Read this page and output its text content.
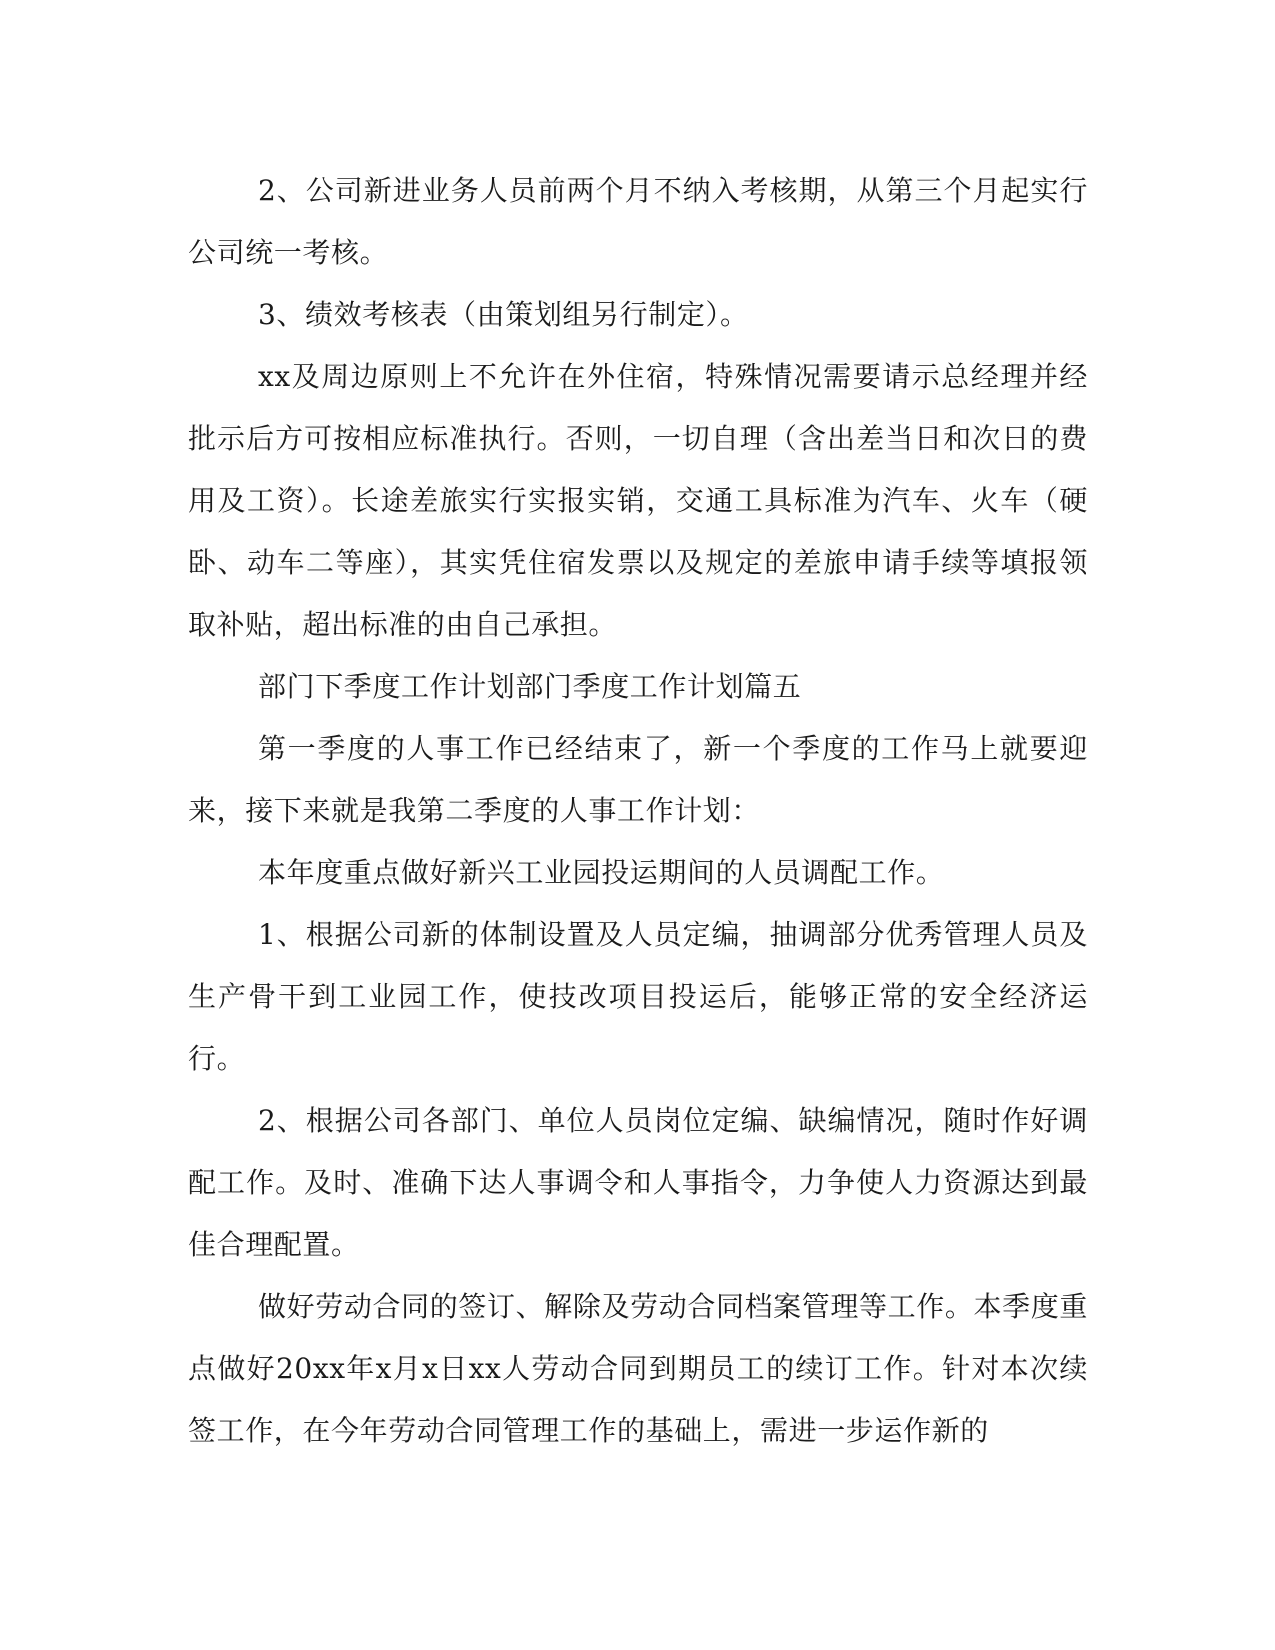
2、公司新进业务人员前两个月不纳入考核期，从第三个月起实行公司统一考核。

3、绩效考核表（由策划组另行制定）。

xx及周边原则上不允许在外住宿，特殊情况需要请示总经理并经批示后方可按相应标准执行。否则，一切自理（含出差当日和次日的费用及工资）。长途差旅实行实报实销，交通工具标准为汽车、火车（硬卧、动车二等座），其实凭住宿发票以及规定的差旅申请手续等填报领取补贴，超出标准的由自己承担。

部门下季度工作计划部门季度工作计划篇五

第一季度的人事工作已经结束了，新一个季度的工作马上就要迎来，接下来就是我第二季度的人事工作计划：

本年度重点做好新兴工业园投运期间的人员调配工作。

1、根据公司新的体制设置及人员定编，抽调部分优秀管理人员及生产骨干到工业园工作，使技改项目投运后，能够正常的安全经济运行。

2、根据公司各部门、单位人员岗位定编、缺编情况，随时作好调配工作。及时、准确下达人事调令和人事指令，力争使人力资源达到最佳合理配置。

做好劳动合同的签订、解除及劳动合同档案管理等工作。本季度重点做好20xx年x月x日xx人劳动合同到期员工的续订工作。针对本次续签工作，在今年劳动合同管理工作的基础上，需进一步运作新的
